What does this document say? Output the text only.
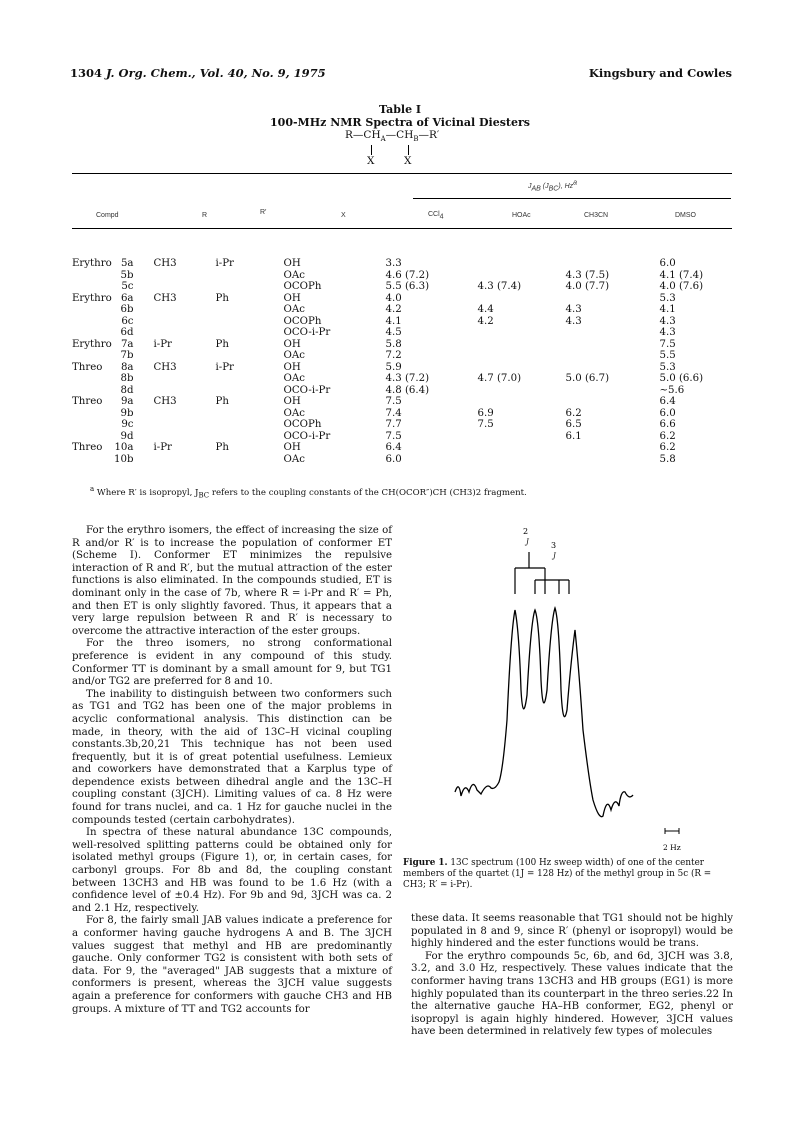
1304 J. Org. Chem., Vol. 40, No. 9, 1975	Kingsbury and Cowles
Table I
100-MHz NMR Spectra of Vicinal Diesters
$R—CH_A—CH_B—R'$
X	X
$J_{AB}$ $(J_{BC})$, Hz$^a$
Compd	R	R′	X	CCl$_4$	HOAc	CH3CN	DMSO
Erythro	5a	CH3	i-Pr	OH	3.3			6.0
	5b			OAc	4.6 (7.2)		4.3 (7.5)	4.1 (7.4)
	5c			OCOPh	5.5 (6.3)	4.3 (7.4)	4.0 (7.7)	4.0 (7.6)
Erythro	6a	CH3	Ph	OH	4.0			5.3
	6b			OAc	4.2	4.4	4.3	4.1
	6c			OCOPh	4.1	4.2	4.3	4.3
	6d			OCO-i-Pr	4.5			4.3
Erythro	7a	i-Pr	Ph	OH	5.8			7.5
	7b			OAc	7.2			5.5
Threo	8a	CH3	i-Pr	OH	5.9			5.3
	8b			OAc	4.3 (7.2)	4.7 (7.0)	5.0 (6.7)	5.0 (6.6)
	8d			OCO-i-Pr	4.8 (6.4)			~5.6
Threo	9a	CH3	Ph	OH	7.5			6.4
	9b			OAc	7.4	6.9	6.2	6.0
	9c			OCOPh	7.7	7.5	6.5	6.6
	9d			OCO-i-Pr	7.5		6.1	6.2
Threo	10a	i-Pr	Ph	OH	6.4			6.2
	10b			OAc	6.0			5.8
$^a$ Where R′ is isopropyl, $J_{BC}$ refers to the coupling constants of the CH(OCOR″)CH (CH3)2 fragment.

For the erythro isomers, the effect of increasing the size of R and/or R′ is to increase the population of conformer ET (Scheme I). Conformer ET minimizes the repulsive interaction of R and R′, but the mutual attraction of the ester functions is also eliminated. In the compounds studied, ET is dominant only in the case of 7b, where R = i-Pr and R′ = Ph, and then ET is only slightly favored. Thus, it appears that a very large repulsion between R and R′ is necessary to overcome the attractive interaction of the ester groups.

For the threo isomers, no strong conformational preference is evident in any compound of this study. Conformer TT is dominant by a small amount for 9, but TG1 and/or TG2 are preferred for 8 and 10.

The inability to distinguish between two conformers such as TG1 and TG2 has been one of the major problems in acyclic conformational analysis. This distinction can be made, in theory, with the aid of 13C–H vicinal coupling constants.3b,20,21 This technique has not been used frequently, but it is of great potential usefulness. Lemieux and coworkers have demonstrated that a Karplus type of dependence exists between dihedral angle and the 13C–H coupling constant (3JCH). Limiting values of ca. 8 Hz were found for trans nuclei, and ca. 1 Hz for gauche nuclei in the compounds tested (certain carbohydrates).

In spectra of these natural abundance 13C compounds, well-resolved splitting patterns could be obtained only for isolated methyl groups (Figure 1), or, in certain cases, for carbonyl groups. For 8b and 8d, the coupling constant between 13CH3 and HB was found to be 1.6 Hz (with a confidence level of ±0.4 Hz). For 9b and 9d, 3JCH was ca. 2 and 2.1 Hz, respectively.

For 8, the fairly small JAB values indicate a preference for a conformer having gauche hydrogens A and B. The 3JCH values suggest that methyl and HB are predominantly gauche. Only conformer TG2 is consistent with both sets of data. For 9, the "averaged" JAB suggests that a mixture of conformers is present, whereas the 3JCH value suggests again a preference for conformers with gauche CH3 and HB groups. A mixture of TT and TG2 accounts for

2
J	3
J
2 Hz
Figure 1. 13C spectrum (100 Hz sweep width) of one of the center members of the quartet (1J = 128 Hz) of the methyl group in 5c (R = CH3; R′ = i-Pr).

these data. It seems reasonable that TG1 should not be highly populated in 8 and 9, since R′ (phenyl or isopropyl) would be highly hindered and the ester functions would be trans.

For the erythro compounds 5c, 6b, and 6d, 3JCH was 3.8, 3.2, and 3.0 Hz, respectively. These values indicate that the conformer having trans 13CH3 and HB groups (EG1) is more highly populated than its counterpart in the threo series.22 In the alternative gauche HA–HB conformer, EG2, phenyl or isopropyl is again highly hindered. However, 3JCH values have been determined in relatively few types of molecules
